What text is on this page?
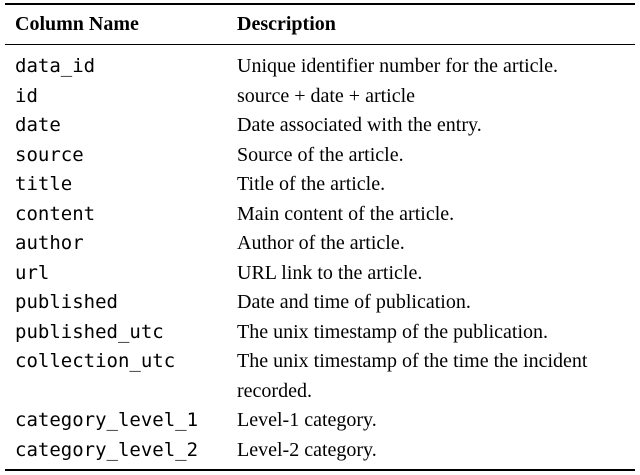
Column Name	Description
data_id	Unique identifier number for the article.
id	source + date + article
date	Date associated with the entry.
source	Source of the article.
title	Title of the article.
content	Main content of the article.
author	Author of the article.
url	URL link to the article.
published	Date and time of publication.
published_utc	The unix timestamp of the publication.
collection_utc	The unix timestamp of the time the incident recorded.
category_level_1	Level-1 category.
category_level_2	Level-2 category.
